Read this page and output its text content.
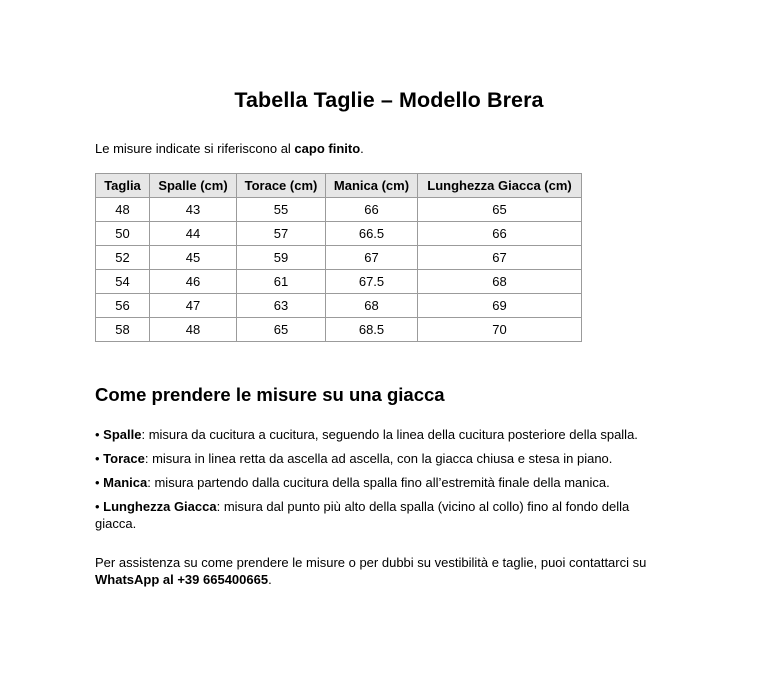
Tabella Taglie – Modello Brera

Le misure indicate si riferiscono al capo finito.

Taglia	Spalle (cm)	Torace (cm)	Manica (cm)	Lunghezza Giacca (cm)
48	43	55	66	65
50	44	57	66.5	66
52	45	59	67	67
54	46	61	67.5	68
56	47	63	68	69
58	48	65	68.5	70
Come prendere le misure su una giacca

• Spalle: misura da cucitura a cucitura, seguendo la linea della cucitura posteriore della spalla.

• Torace: misura in linea retta da ascella ad ascella, con la giacca chiusa e stesa in piano.

• Manica: misura partendo dalla cucitura della spalla fino all’estremità finale della manica.

• Lunghezza Giacca: misura dal punto più alto della spalla (vicino al collo) fino al fondo della giacca.

Per assistenza su come prendere le misure o per dubbi su vestibilità e taglie, puoi contattarci su WhatsApp al +39 665400665.
